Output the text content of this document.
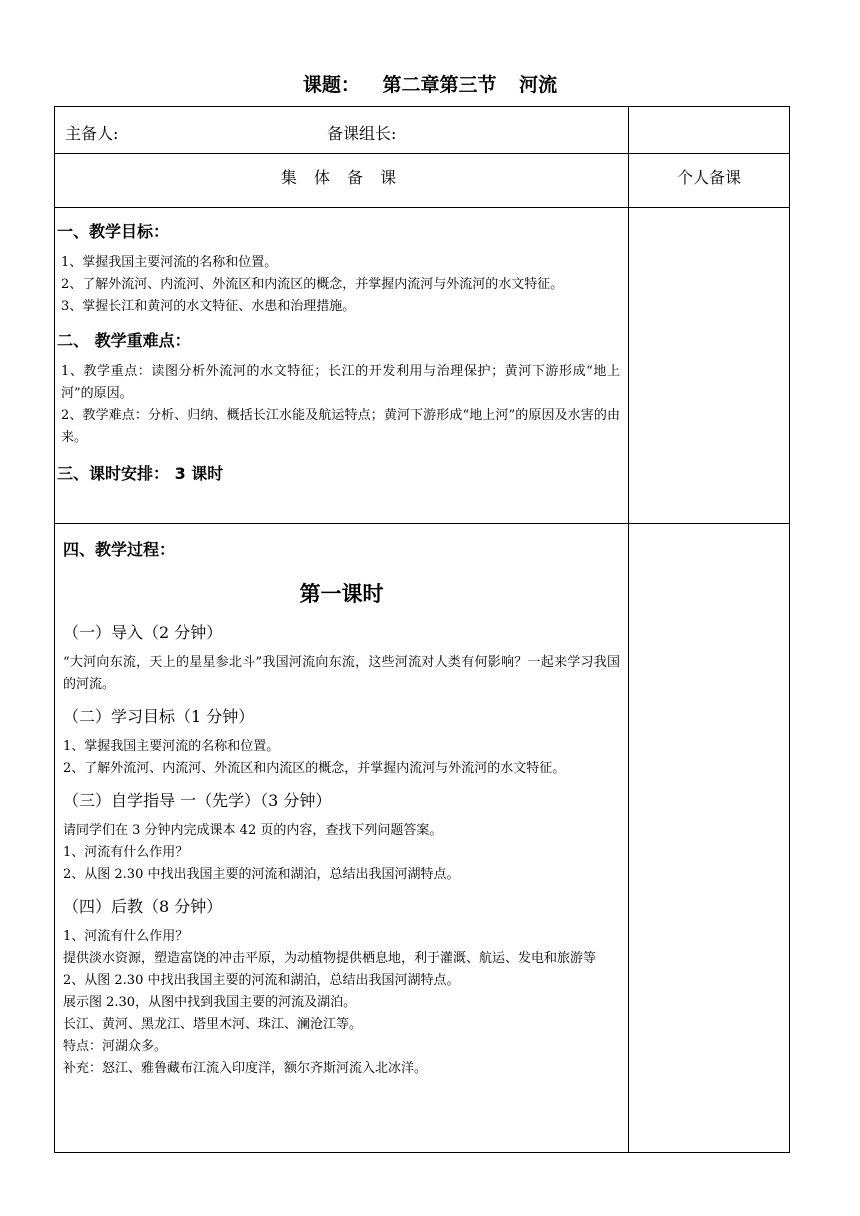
课题： 第二章第三节 河流
主备人:	备课组长:
集 体 备 课	个人备课
一、教学目标：

1、掌握我国主要河流的名称和位置。

2、了解外流河、内流河、外流区和内流区的概念，并掌握内流河与外流河的水文特征。

3、掌握长江和黄河的水文特征、水患和治理措施。

二、 教学重难点：

1、教学重点：读图分析外流河的水文特征；长江的开发利用与治理保护；黄河下游形成“地上河”的原因。

2、教学难点：分析、归纳、概括长江水能及航运特点；黄河下游形成“地上河”的原因及水害的由来。

三、课时安排： 3 课时
四、教学过程：
第一课时
（一）导入（2 分钟）

“大河向东流，天上的星星参北斗”我国河流向东流，这些河流对人类有何影响？一起来学习我国的河流。

（二）学习目标（1 分钟）

1、掌握我国主要河流的名称和位置。

2、了解外流河、内流河、外流区和内流区的概念，并掌握内流河与外流河的水文特征。

（三）自学指导 一（先学）（3 分钟）

请同学们在 3 分钟内完成课本 42 页的内容，查找下列问题答案。

1、河流有什么作用？

2、从图 2.30 中找出我国主要的河流和湖泊，总结出我国河湖特点。

（四）后教（8 分钟）

1、河流有什么作用？

提供淡水资源，塑造富饶的冲击平原，为动植物提供栖息地，利于灌溉、航运、发电和旅游等

2、从图 2.30 中找出我国主要的河流和湖泊，总结出我国河湖特点。

展示图 2.30，从图中找到我国主要的河流及湖泊。

长江、黄河、黑龙江、塔里木河、珠江、澜沧江等。

特点：河湖众多。

补充：怒江、雅鲁藏布江流入印度洋，额尔齐斯河流入北冰洋。
